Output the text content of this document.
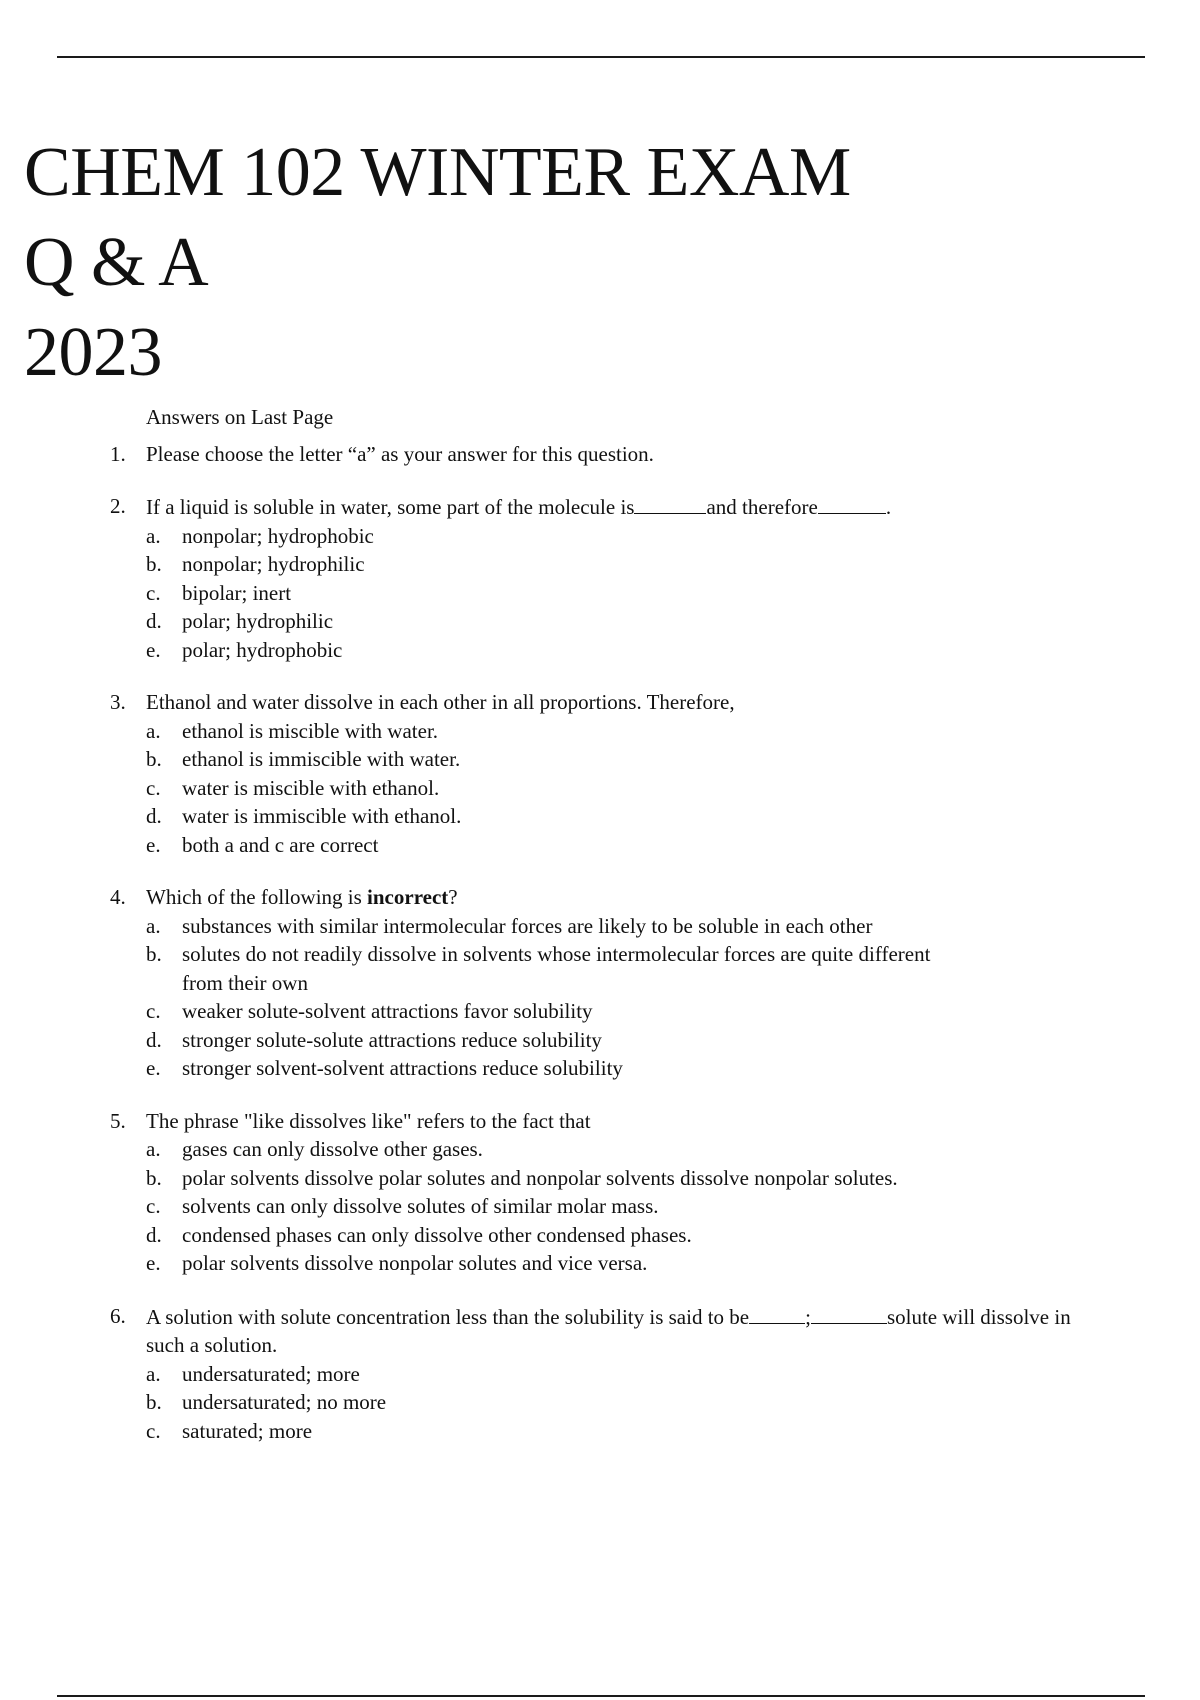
CHEM 102 WINTER EXAM
Q & A
2023
Answers on Last Page
1. Please choose the letter “a” as your answer for this question.
2. If a liquid is soluble in water, some part of the molecule is	and therefore	.
a.	nonpolar; hydrophobic
b. nonpolar; hydrophilic
c.	bipolar; inert
d. polar; hydrophilic
e.	polar; hydrophobic
3. Ethanol and water dissolve in each other in all proportions. Therefore,
a.	ethanol is miscible with water.
b. ethanol is immiscible with water.
c.	water is miscible with ethanol.
d. water is immiscible with ethanol.
e.	both a and c are correct
4. Which of the following is incorrect?
a.	substances with similar intermolecular forces are likely to be soluble in each other
b. solutes do not readily dissolve in solvents whose intermolecular forces are quite different from their own
c.	weaker solute-solvent attractions favor solubility
d. stronger solute-solute attractions reduce solubility
e.	stronger solvent-solvent attractions reduce solubility
5. The phrase "like dissolves like" refers to the fact that
a.	gases can only dissolve other gases.
b. polar solvents dissolve polar solutes and nonpolar solvents dissolve nonpolar solutes.
c.	solvents can only dissolve solutes of similar molar mass.
d. condensed phases can only dissolve other condensed phases.
e.	polar solvents dissolve nonpolar solutes and vice versa.
6. A solution with solute concentration less than the solubility is said to be	;	solute will dissolve in such a solution.
a.	undersaturated; more
b. undersaturated; no more
c.	saturated; more
